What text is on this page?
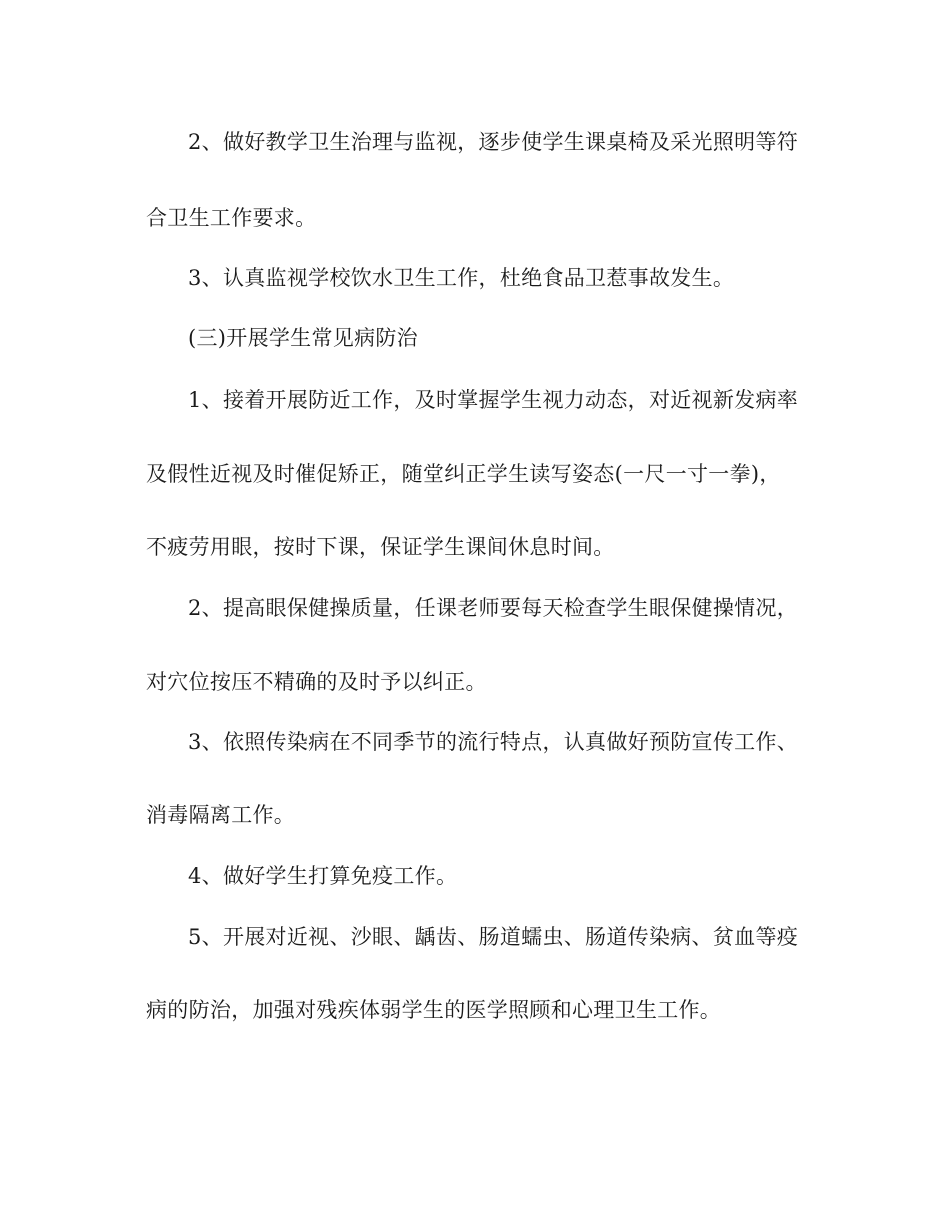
2、做好教学卫生治理与监视，逐步使学生课桌椅及采光照明等符

合卫生工作要求。

3、认真监视学校饮水卫生工作，杜绝食品卫惹事故发生。

(三)开展学生常见病防治

1、接着开展防近工作，及时掌握学生视力动态，对近视新发病率

及假性近视及时催促矫正，随堂纠正学生读写姿态(一尺一寸一拳)，

不疲劳用眼，按时下课，保证学生课间休息时间。

2、提高眼保健操质量，任课老师要每天检查学生眼保健操情况，

对穴位按压不精确的及时予以纠正。

3、依照传染病在不同季节的流行特点，认真做好预防宣传工作、

消毒隔离工作。

4、做好学生打算免疫工作。

5、开展对近视、沙眼、龋齿、肠道蠕虫、肠道传染病、贫血等疫

病的防治，加强对残疾体弱学生的医学照顾和心理卫生工作。
